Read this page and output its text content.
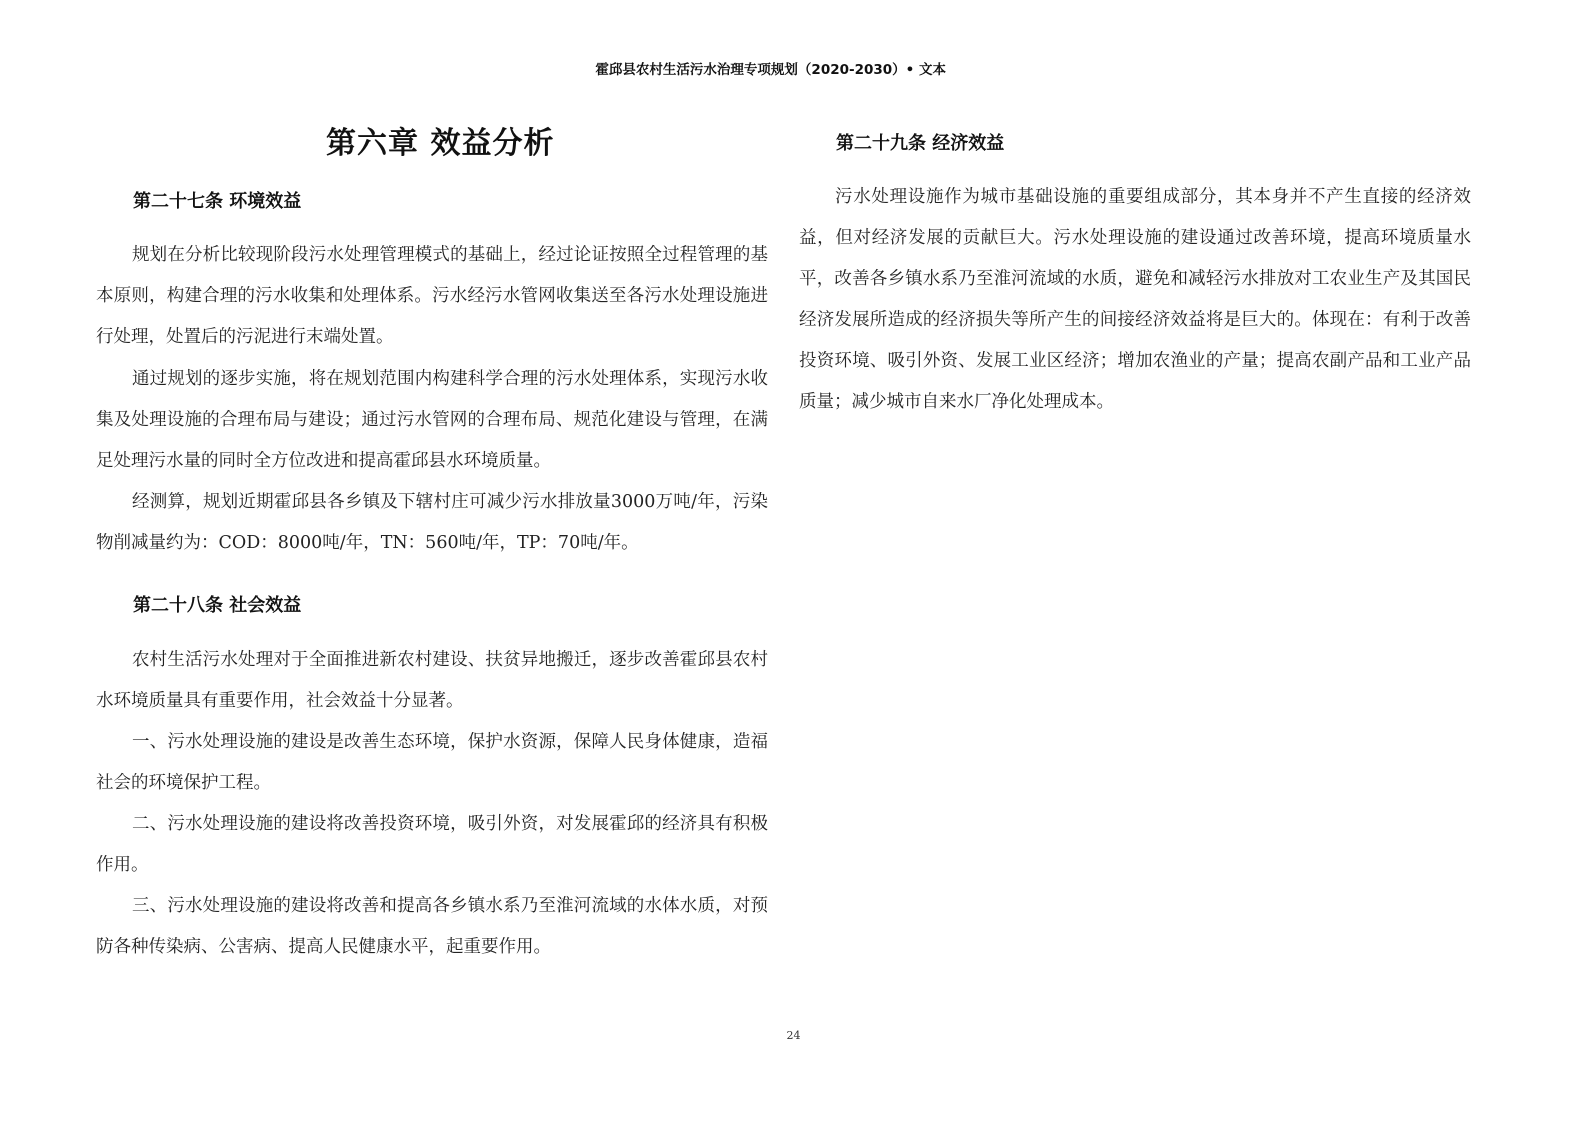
霍邱县农村生活污水治理专项规划（2020-2030）• 文本
第六章 效益分析
第二十七条 环境效益

规划在分析比较现阶段污水处理管理模式的基础上，经过论证按照全过程管理的基本原则，构建合理的污水收集和处理体系。污水经污水管网收集送至各污水处理设施进行处理，处置后的污泥进行末端处置。

通过规划的逐步实施，将在规划范围内构建科学合理的污水处理体系，实现污水收集及处理设施的合理布局与建设；通过污水管网的合理布局、规范化建设与管理，在满足处理污水量的同时全方位改进和提高霍邱县水环境质量。

经测算，规划近期霍邱县各乡镇及下辖村庄可减少污水排放量3000万吨/年，污染物削减量约为：COD：8000吨/年，TN：560吨/年，TP：70吨/年。

第二十八条 社会效益

农村生活污水处理对于全面推进新农村建设、扶贫异地搬迁，逐步改善霍邱县农村水环境质量具有重要作用，社会效益十分显著。

一、污水处理设施的建设是改善生态环境，保护水资源，保障人民身体健康，造福社会的环境保护工程。

二、污水处理设施的建设将改善投资环境，吸引外资，对发展霍邱的经济具有积极作用。

三、污水处理设施的建设将改善和提高各乡镇水系乃至淮河流域的水体水质，对预防各种传染病、公害病、提高人民健康水平，起重要作用。

第二十九条 经济效益

污水处理设施作为城市基础设施的重要组成部分，其本身并不产生直接的经济效益，但对经济发展的贡献巨大。污水处理设施的建设通过改善环境，提高环境质量水平，改善各乡镇水系乃至淮河流域的水质，避免和减轻污水排放对工农业生产及其国民经济发展所造成的经济损失等所产生的间接经济效益将是巨大的。体现在：有利于改善投资环境、吸引外资、发展工业区经济；增加农渔业的产量；提高农副产品和工业产品质量；减少城市自来水厂净化处理成本。

24
